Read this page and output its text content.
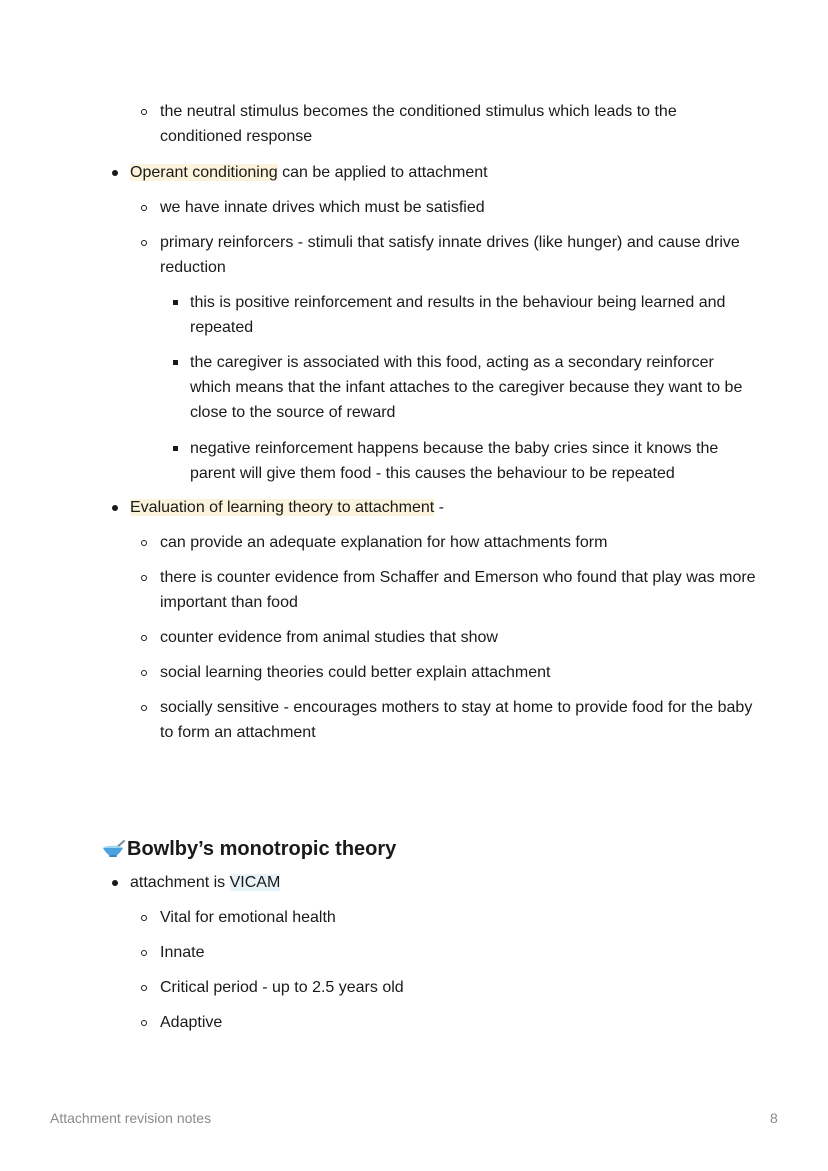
the neutral stimulus becomes the conditioned stimulus which leads to the conditioned response
Operant conditioning can be applied to attachment
we have innate drives which must be satisfied
primary reinforcers - stimuli that satisfy innate drives (like hunger) and cause drive reduction
this is positive reinforcement and results in the behaviour being learned and repeated
the caregiver is associated with this food, acting as a secondary reinforcer which means that the infant attaches to the caregiver because they want to be close to the source of reward
negative reinforcement happens because the baby cries since it knows the parent will give them food - this causes the behaviour to be repeated
Evaluation of learning theory to attachment -
can provide an adequate explanation for how attachments form
there is counter evidence from Schaffer and Emerson who found that play was more important than food
counter evidence from animal studies that show
social learning theories could better explain attachment
socially sensitive - encourages mothers to stay at home to provide food for the baby to form an attachment
Bowlby’s monotropic theory
attachment is VICAM
Vital for emotional health
Innate
Critical period - up to 2.5 years old
Adaptive
Attachment revision notes	8
